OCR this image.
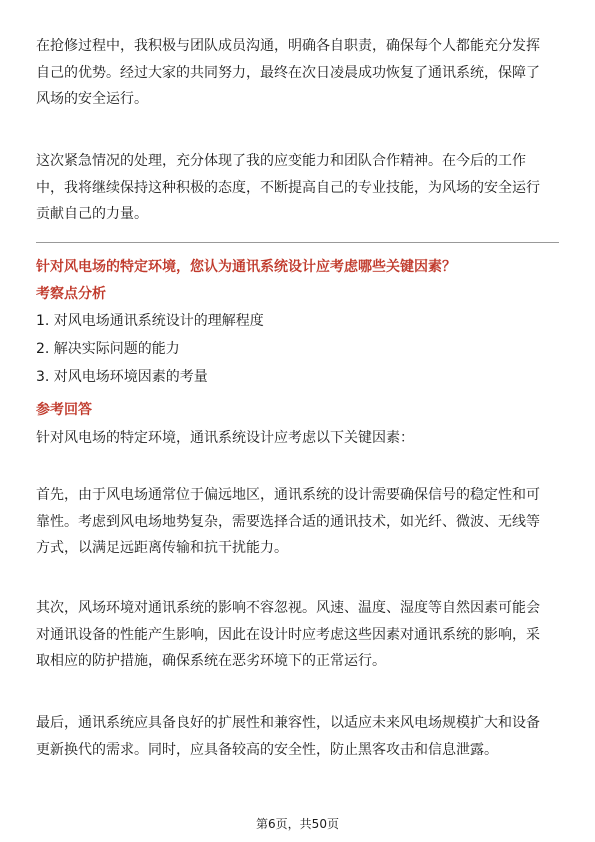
在抢修过程中，我积极与团队成员沟通，明确各自职责，确保每个人都能充分发挥
自己的优势。经过大家的共同努力，最终在次日凌晨成功恢复了通讯系统，保障了
风场的安全运行。

这次紧急情况的处理，充分体现了我的应变能力和团队合作精神。在今后的工作
中，我将继续保持这种积极的态度，不断提高自己的专业技能，为风场的安全运行
贡献自己的力量。

针对风电场的特定环境，您认为通讯系统设计应考虑哪些关键因素？
考察点分析
1. 对风电场通讯系统设计的理解程度
2. 解决实际问题的能力
3. 对风电场环境因素的考量
参考回答
针对风电场的特定环境，通讯系统设计应考虑以下关键因素：

首先，由于风电场通常位于偏远地区，通讯系统的设计需要确保信号的稳定性和可
靠性。考虑到风电场地势复杂，需要选择合适的通讯技术，如光纤、微波、无线等
方式，以满足远距离传输和抗干扰能力。

其次，风场环境对通讯系统的影响不容忽视。风速、温度、湿度等自然因素可能会
对通讯设备的性能产生影响，因此在设计时应考虑这些因素对通讯系统的影响，采
取相应的防护措施，确保系统在恶劣环境下的正常运行。

最后，通讯系统应具备良好的扩展性和兼容性，以适应未来风电场规模扩大和设备
更新换代的需求。同时，应具备较高的安全性，防止黑客攻击和信息泄露。

第6页，共50页
